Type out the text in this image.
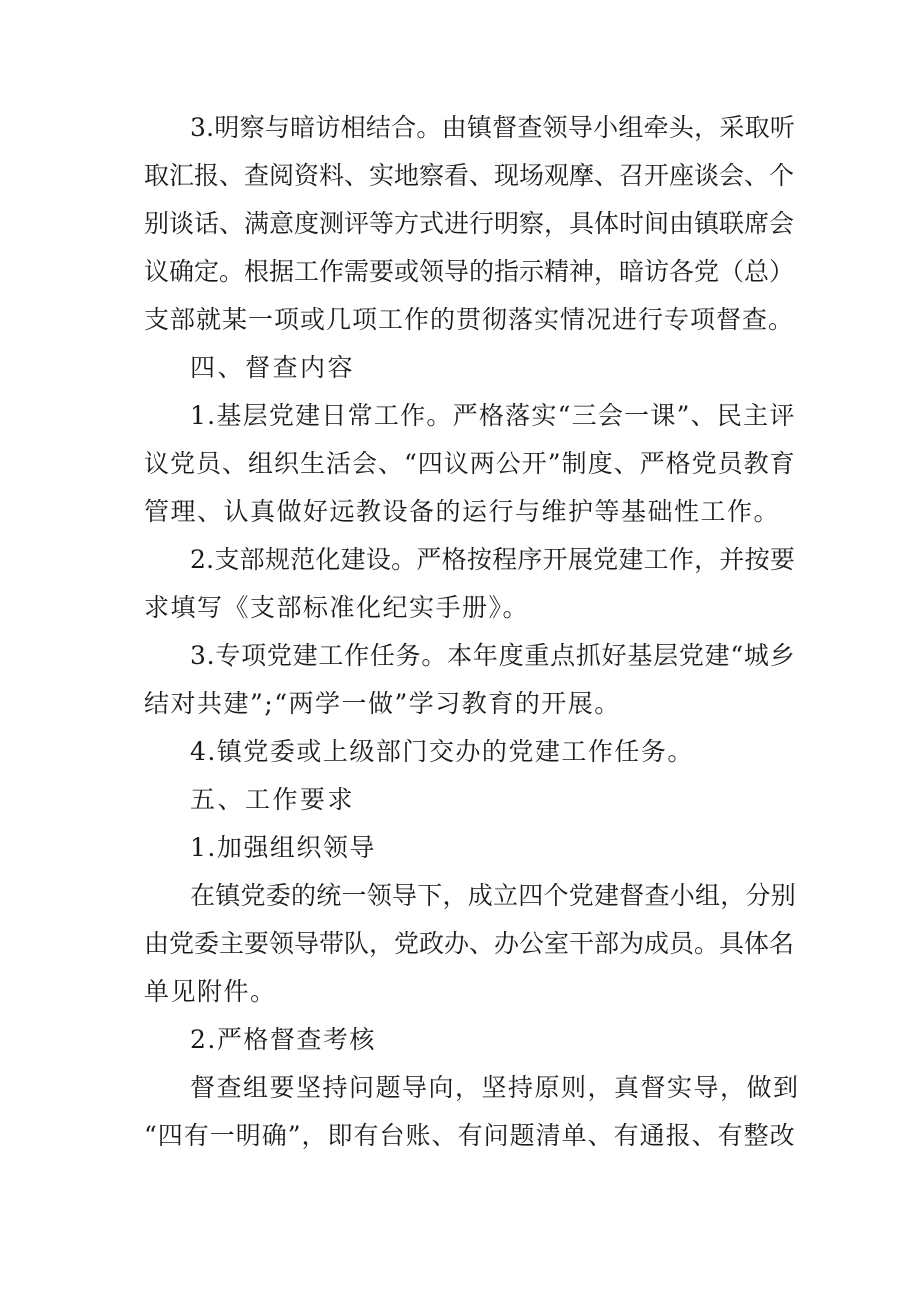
3.明察与暗访相结合。由镇督查领导小组牵头，采取听
取汇报、查阅资料、实地察看、现场观摩、召开座谈会、个
别谈话、满意度测评等方式进行明察，具体时间由镇联席会
议确定。根据工作需要或领导的指示精神，暗访各党（总）
支部就某一项或几项工作的贯彻落实情况进行专项督查。
四、督查内容
1.基层党建日常工作。严格落实“三会一课”、民主评
议党员、组织生活会、“四议两公开”制度、严格党员教育
管理、认真做好远教设备的运行与维护等基础性工作。
2.支部规范化建设。严格按程序开展党建工作，并按要
求填写《支部标准化纪实手册》。
3.专项党建工作任务。本年度重点抓好基层党建“城乡
结对共建”;“两学一做”学习教育的开展。
4.镇党委或上级部门交办的党建工作任务。
五、工作要求
1.加强组织领导
在镇党委的统一领导下，成立四个党建督查小组，分别
由党委主要领导带队，党政办、办公室干部为成员。具体名
单见附件。
2.严格督查考核
督查组要坚持问题导向，坚持原则，真督实导，做到
“四有一明确”，即有台账、有问题清单、有通报、有整改
